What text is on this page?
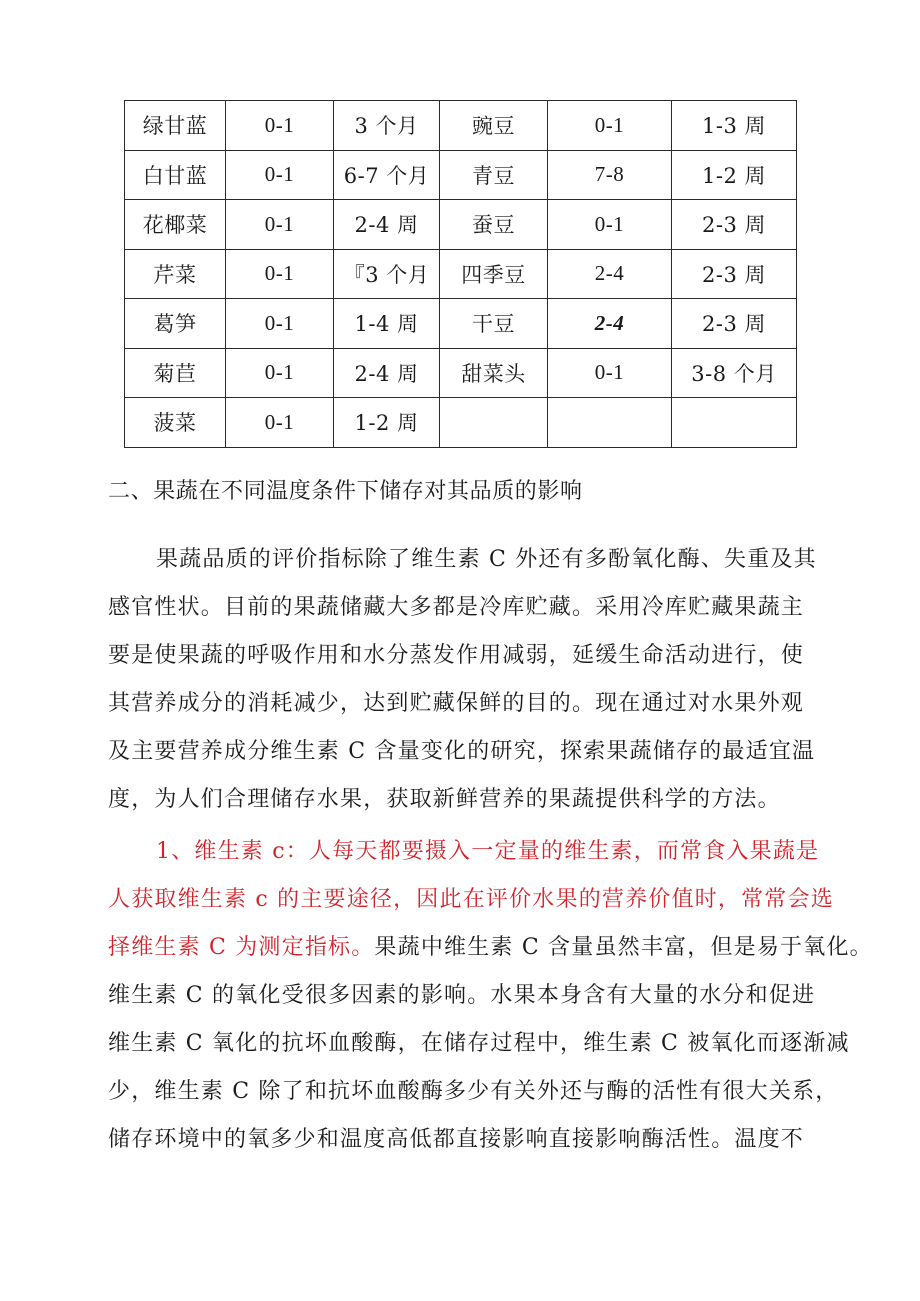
绿甘蓝	0-1	3 个月	豌豆	0-1	1-3 周
白甘蓝	0-1	6-7 个月	青豆	7-8	1-2 周
花椰菜	0-1	2-4 周	蚕豆	0-1	2-3 周
芹菜	0-1	『3 个月	四季豆	2-4	2-3 周
葛笋	0-1	1-4 周	干豆	2-4	2-3 周
菊苣	0-1	2-4 周	甜菜头	0-1	3-8 个月
菠菜	0-1	1-2 周			
二、果蔬在不同温度条件下储存对其品质的影响
果蔬品质的评价指标除了维生素 C 外还有多酚氧化酶、失重及其
感官性状。目前的果蔬储藏大多都是冷库贮藏。采用冷库贮藏果蔬主
要是使果蔬的呼吸作用和水分蒸发作用减弱，延缓生命活动进行，使
其营养成分的消耗减少，达到贮藏保鲜的目的。现在通过对水果外观
及主要营养成分维生素 C 含量变化的研究，探索果蔬储存的最适宜温
度，为人们合理储存水果，获取新鲜营养的果蔬提供科学的方法。
1、维生素 c：人每天都要摄入一定量的维生素，而常食入果蔬是
人获取维生素 c 的主要途径，因此在评价水果的营养价值时，常常会选
择维生素 C 为测定指标。果蔬中维生素 C 含量虽然丰富，但是易于氧化。
维生素 C 的氧化受很多因素的影响。水果本身含有大量的水分和促进
维生素 C 氧化的抗坏血酸酶，在储存过程中，维生素 C 被氧化而逐渐减
少，维生素 C 除了和抗坏血酸酶多少有关外还与酶的活性有很大关系，
储存环境中的氧多少和温度高低都直接影响直接影响酶活性。温度不
